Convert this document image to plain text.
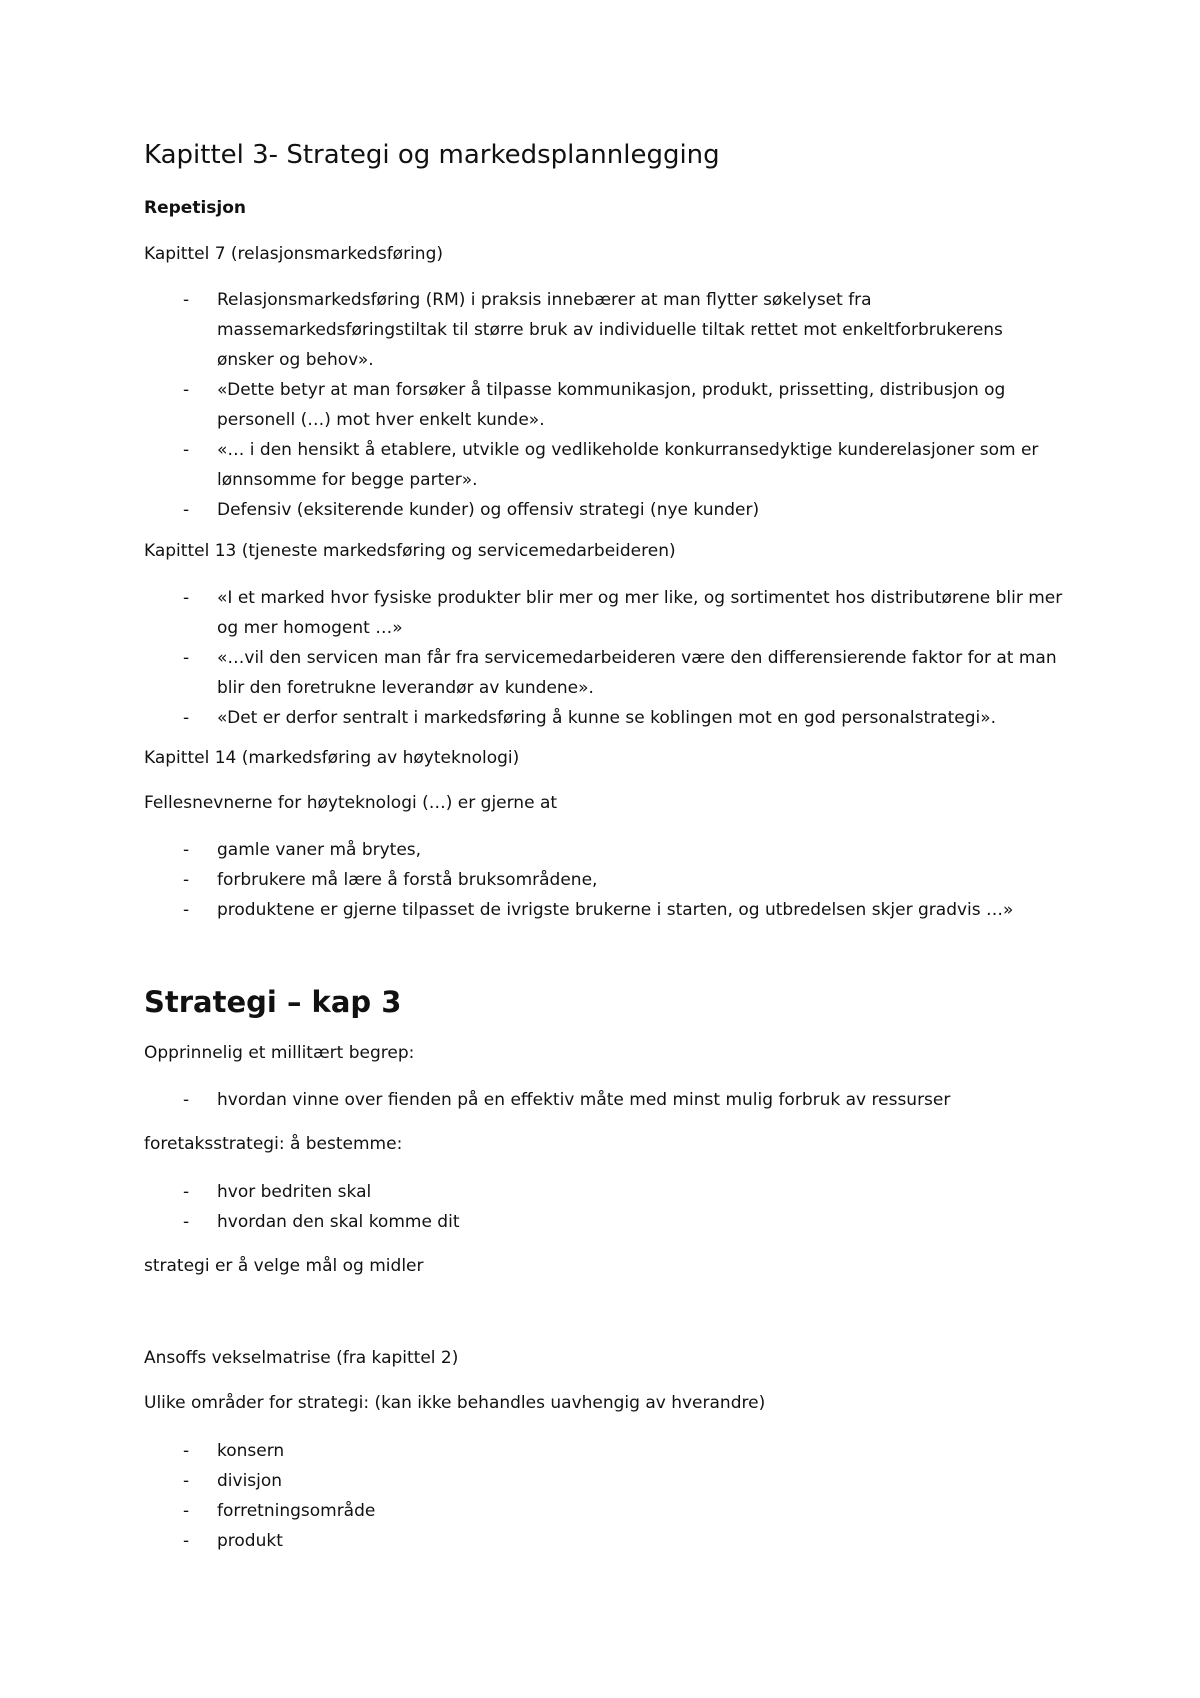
Kapittel 3- Strategi og markedsplannlegging

Repetisjon

Kapittel 7 (relasjonsmarkedsføring)

- Relasjonsmarkedsføring (RM) i praksis innebærer at man flytter søkelyset fra massemarkedsføringstiltak til større bruk av individuelle tiltak rettet mot enkeltforbrukerens ønsker og behov».
- «Dette betyr at man forsøker å tilpasse kommunikasjon, produkt, prissetting, distribusjon og personell (…) mot hver enkelt kunde».
- «… i den hensikt å etablere, utvikle og vedlikeholde konkurransedyktige kunderelasjoner som er lønnsomme for begge parter».
- Defensiv (eksiterende kunder) og offensiv strategi (nye kunder)

Kapittel 13 (tjeneste markedsføring og servicemedarbeideren)

- «I et marked hvor fysiske produkter blir mer og mer like, og sortimentet hos distributørene blir mer og mer homogent …»
- «…vil den servicen man får fra servicemedarbeideren være den differensierende faktor for at man blir den foretrukne leverandør av kundene».
- «Det er derfor sentralt i markedsføring å kunne se koblingen mot en god personalstrategi».

Kapittel 14 (markedsføring av høyteknologi)

Fellesnevnerne for høyteknologi (…) er gjerne at

- gamle vaner må brytes,
- forbrukere må lære å forstå bruksområdene,
- produktene er gjerne tilpasset de ivrigste brukerne i starten, og utbredelsen skjer gradvis …»
Strategi – kap 3

Opprinnelig et millitært begrep:

- hvordan vinne over fienden på en effektiv måte med minst mulig forbruk av ressurser

foretaksstrategi: å bestemme:

- hvor bedriten skal
- hvordan den skal komme dit

strategi er å velge mål og midler

Ansoffs vekselmatrise (fra kapittel 2)

Ulike områder for strategi: (kan ikke behandles uavhengig av hverandre)

- konsern
- divisjon
- forretningsområde
- produkt
